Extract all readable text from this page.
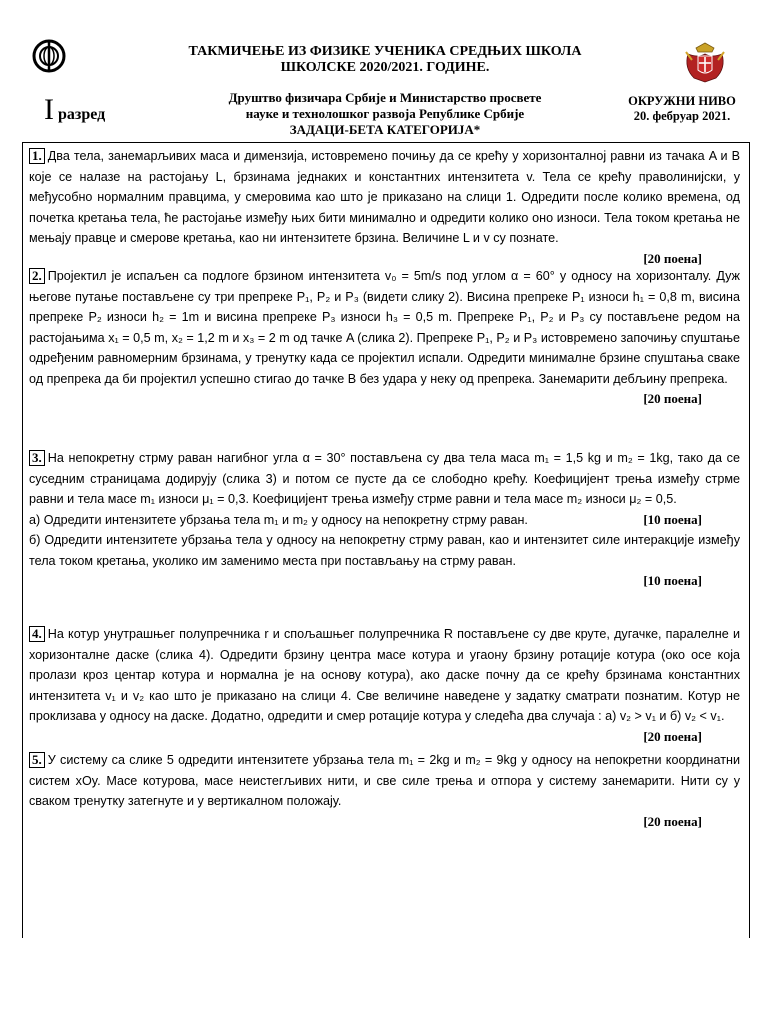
ТАКМИЧЕЊЕ ИЗ ФИЗИКЕ УЧЕНИКА СРЕДЊИХ ШКОЛА
ШКОЛСКЕ 2020/2021. ГОДИНЕ.
I разред
Друштво физичара Србије и Министарство просвете
науке и технолошког развоја Републике Србије
ЗАДАЦИ-БЕТА КАТЕГОРИЈА*
ОКРУЖНИ НИВО
20. фебруар 2021.
1. Два тела, занемарљивих маса и димензија, истовремено почињу да се крећу у хоризонталној равни из тачака A и B које се налазе на растојању L, брзинама једнаких и константних интензитета v. Тела се крећу праволинијски, у међусобно нормалним правцима, у смеровима као што је приказано на слици 1. Одредити после колико времена, од почетка кретања тела, ће растојање између њих бити минимално и одредити колико оно износи. Тела током кретања не мењају правце и смерове кретања, као ни интензитете брзина. Величине L и v су познате.
[20 поена]
2. Пројектил је испаљен са подлоге брзином интензитета v₀ = 5m/s под углом α = 60° у односу на хоризонталу. Дуж његове путање постављене су три препреке P₁, P₂ и P₃ (видети слику 2). Висина препреке P₁ износи h₁ = 0,8 m, висина препреке P₂ износи h₂ = 1m и висина препреке P₃ износи h₃ = 0,5 m. Препреке P₁, P₂ и P₃ су постављене редом на растојањима x₁ = 0,5 m, x₂ = 1,2 m и x₃ = 2 m од тачке A (слика 2). Препреке P₁, P₂ и P₃ истовремено започињу спуштање одређеним равномерним брзинама, у тренутку када се пројектил испали. Одредити минималне брзине спуштања сваке од препрека да би пројектил успешно стигао до тачке B без удара у неку од препрека. Занемарити дебљину препрека.
[20 поена]
3. На непокретну стрму раван нагибног угла α = 30° постављена су два тела маса m₁ = 1,5 kg и m₂ = 1kg, тако да се суседним страницама додирују (слика 3) и потом се пусте да се слободно крећу. Коефицијент трења између стрме равни и тела масе m₁ износи μ₁ = 0,3. Коефицијент трења између стрме равни и тела масе m₂ износи μ₂ = 0,5.
а) Одредити интензитете убрзања тела m₁ и m₂ у односу на непокретну стрму раван.	[10 поена]
б) Одредити интензитете убрзања тела у односу на непокретну стрму раван, као и интензитет силе интеракције између тела током кретања, уколико им заменимо места при постављању на стрму раван.
[10 поена]
4. На котур унутрашњег полупречника r и спољашњег полупречника R постављене су две круте, дугачке, паралелне и хоризонталне даске (слика 4). Одредити брзину центра масе котура и угаону брзину ротације котура (око осе која пролази кроз центар котура и нормална је на основу котура), ако даске почну да се крећу брзинама константних интензитета v₁ и v₂ као што је приказано на слици 4. Све величине наведене у задатку сматрати познатим. Котур не проклизава у односу на даске. Додатно, одредити и смер ротације котура у следећа два случаја : а) v₂ > v₁ и б) v₂ < v₁.
[20 поена]
5. У систему са слике 5 одредити интензитете убрзања тела m₁ = 2kg и m₂ = 9kg у односу на непокретни координатни систем xOy. Масе котурова, масе неистегљивих нити, и све силе трења и отпора у систему занемарити. Нити су у сваком тренутку затегнуте и у вертикалном положају.
[20 поена]
